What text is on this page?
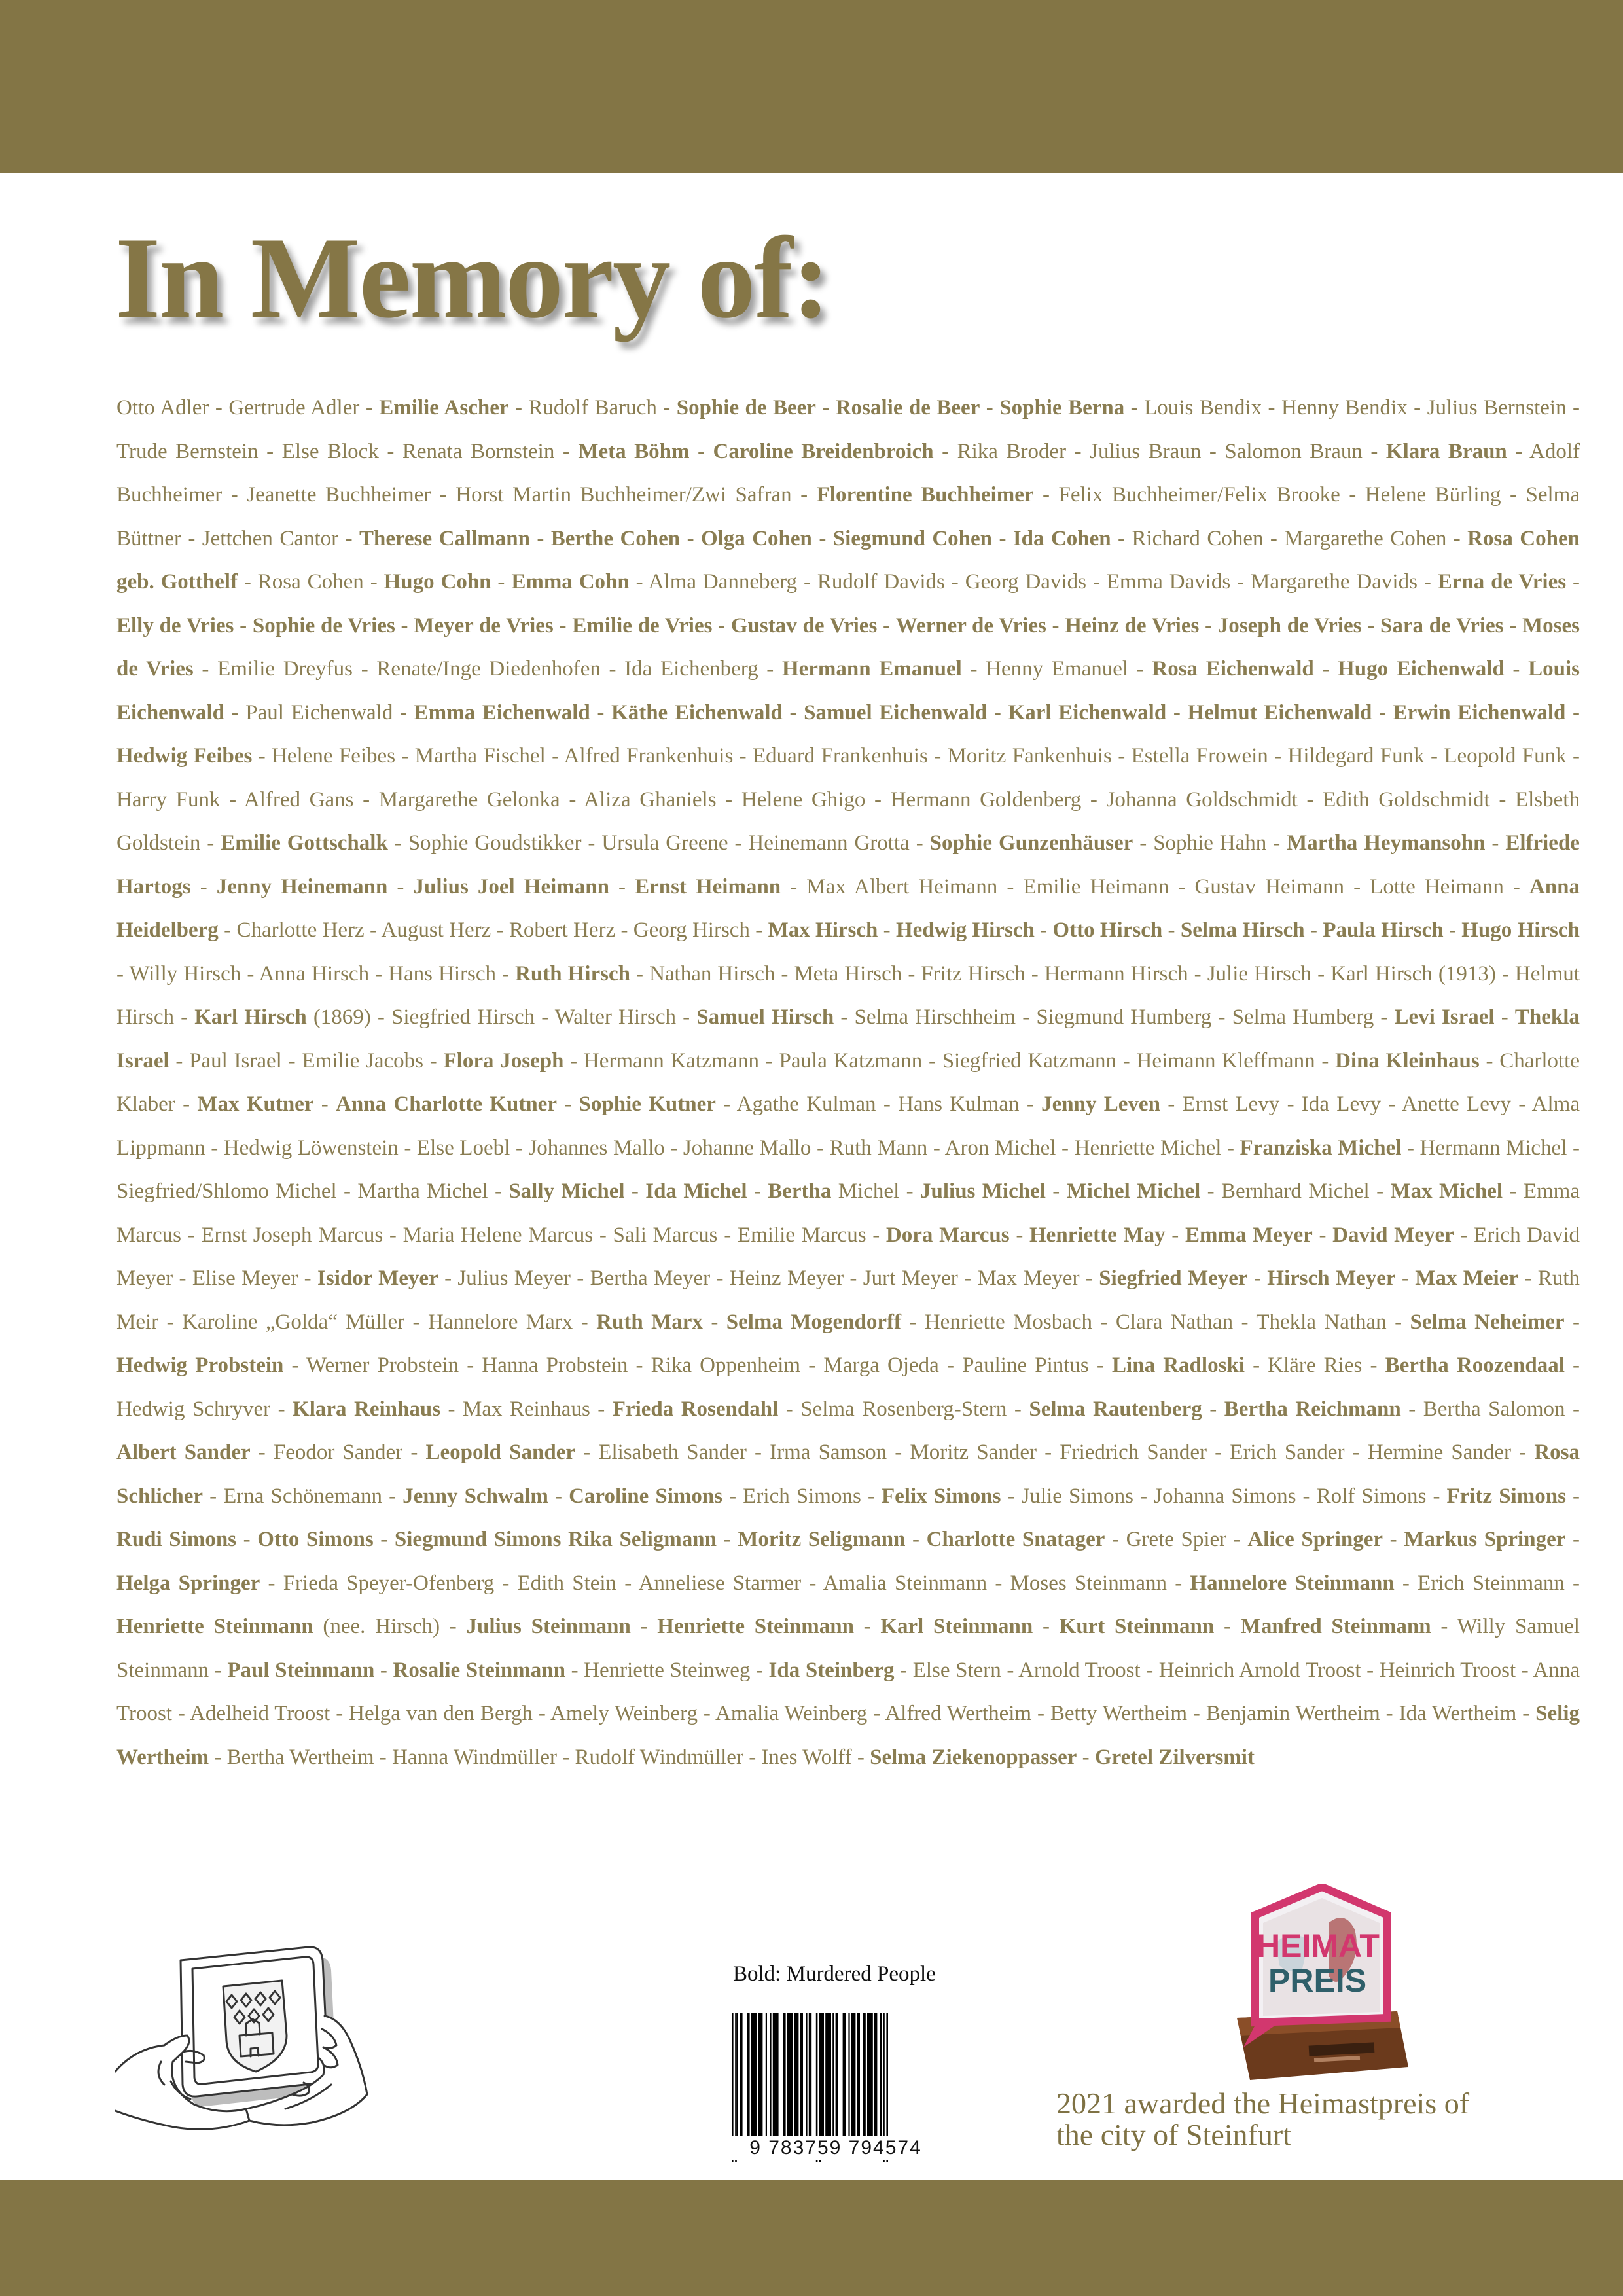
In Memory of:

Otto Adler - Gertrude Adler - Emilie Ascher - Rudolf Baruch - Sophie de Beer - Rosalie de Beer - Sophie Berna - Louis Bendix - Henny Bendix - Julius Bernstein - Trude Bernstein - Else Block - Renata Bornstein - Meta Böhm - Caroline Breidenbroich - Rika Broder - Julius Braun - Salomon Braun - Klara Braun - Adolf Buchheimer - Jeanette Buchheimer - Horst Martin Buchheimer/Zwi Safran - Florentine Buchheimer - Felix Buchheimer/Felix Brooke - Helene Bürling - Selma Büttner - Jettchen Cantor - Therese Callmann - Berthe Cohen - Olga Cohen - Siegmund Cohen - Ida Cohen - Richard Cohen - Margarethe Cohen - Rosa Cohen geb. Gotthelf - Rosa Cohen - Hugo Cohn - Emma Cohn - Alma Danneberg - Rudolf Davids - Georg Davids - Emma Davids - Margarethe Davids - Erna de Vries - Elly de Vries - Sophie de Vries - Meyer de Vries - Emilie de Vries - Gustav de Vries - Werner de Vries - Heinz de Vries - Joseph de Vries - Sara de Vries - Moses de Vries - Emilie Dreyfus - Renate/Inge Diedenhofen - Ida Eichenberg - Hermann Emanuel - Henny Emanuel - Rosa Eichenwald - Hugo Eichenwald - Louis Eichenwald - Paul Eichenwald - Emma Eichenwald - Käthe Eichenwald - Samuel Eichenwald - Karl Eichenwald - Helmut Eichenwald - Erwin Eichenwald - Hedwig Feibes - Helene Feibes - Martha Fischel - Alfred Frankenhuis - Eduard Frankenhuis - Moritz Fankenhuis - Estella Frowein - Hildegard Funk - Leopold Funk - Harry Funk - Alfred Gans - Margarethe Gelonka - Aliza Ghaniels - Helene Ghigo - Hermann Goldenberg - Johanna Goldschmidt - Edith Goldschmidt - Elsbeth Goldstein - Emilie Gottschalk - Sophie Goudstikker - Ursula Greene - Heinemann Grotta - Sophie Gunzenhäuser - Sophie Hahn - Martha Heymansohn - Elfriede Hartogs - Jenny Heinemann - Julius Joel Heimann - Ernst Heimann - Max Albert Heimann - Emilie Heimann - Gustav Heimann - Lotte Heimann - Anna Heidelberg - Charlotte Herz - August Herz - Robert Herz - Georg Hirsch - Max Hirsch - Hedwig Hirsch - Otto Hirsch - Selma Hirsch - Paula Hirsch - Hugo Hirsch - Willy Hirsch - Anna Hirsch - Hans Hirsch - Ruth Hirsch - Nathan Hirsch - Meta Hirsch - Fritz Hirsch - Hermann Hirsch - Julie Hirsch - Karl Hirsch (1913) - Helmut Hirsch - Karl Hirsch (1869) - Siegfried Hirsch - Walter Hirsch - Samuel Hirsch - Selma Hirschheim - Siegmund Humberg - Selma Humberg - Levi Israel - Thekla Israel - Paul Israel - Emilie Jacobs - Flora Joseph - Hermann Katzmann - Paula Katzmann - Siegfried Katzmann - Heimann Kleffmann - Dina Kleinhaus - Charlotte Klaber - Max Kutner - Anna Charlotte Kutner - Sophie Kutner - Agathe Kulman - Hans Kulman - Jenny Leven - Ernst Levy - Ida Levy - Anette Levy - Alma Lippmann - Hedwig Löwenstein - Else Loebl - Johannes Mallo - Johanne Mallo - Ruth Mann - Aron Michel - Henriette Michel - Franziska Michel - Hermann Michel - Siegfried/Shlomo Michel - Martha Michel - Sally Michel - Ida Michel - Bertha Michel - Julius Michel - Michel Michel - Bernhard Michel - Max Michel - Emma Marcus - Ernst Joseph Marcus - Maria Helene Marcus - Sali Marcus - Emilie Marcus - Dora Marcus - Henriette May - Emma Meyer - David Meyer - Erich David Meyer - Elise Meyer - Isidor Meyer - Julius Meyer - Bertha Meyer - Heinz Meyer - Jurt Meyer - Max Meyer - Siegfried Meyer - Hirsch Meyer - Max Meier - Ruth Meir - Karoline „Golda“ Müller - Hannelore Marx - Ruth Marx - Selma Mogendorff - Henriette Mosbach - Clara Nathan - Thekla Nathan - Selma Neheimer - Hedwig Probstein - Werner Probstein - Hanna Probstein - Rika Oppenheim - Marga Ojeda - Pauline Pintus - Lina Radloski - Kläre Ries - Bertha Roozendaal - Hedwig Schryver - Klara Reinhaus - Max Reinhaus - Frieda Rosendahl - Selma Rosenberg-Stern - Selma Rautenberg - Bertha Reichmann - Bertha Salomon - Albert Sander - Feodor Sander - Leopold Sander - Elisabeth Sander - Irma Samson - Moritz Sander - Friedrich Sander - Erich Sander - Hermine Sander - Rosa Schlicher - Erna Schönemann - Jenny Schwalm - Caroline Simons - Erich Simons - Felix Simons - Julie Simons - Johanna Simons - Rolf Simons - Fritz Simons - Rudi Simons - Otto Simons - Siegmund Simons Rika Seligmann - Moritz Seligmann - Charlotte Snatager - Grete Spier - Alice Springer - Markus Springer - Helga Springer - Frieda Speyer-Ofenberg - Edith Stein - Anneliese Starmer - Amalia Steinmann - Moses Steinmann - Hannelore Steinmann - Erich Steinmann - Henriette Steinmann (nee. Hirsch) - Julius Steinmann - Henriette Steinmann - Karl Steinmann - Kurt Steinmann - Manfred Steinmann - Willy Samuel Steinmann - Paul Steinmann - Rosalie Steinmann - Henriette Steinweg - Ida Steinberg - Else Stern - Arnold Troost - Heinrich Arnold Troost - Heinrich Troost - Anna Troost - Adelheid Troost - Helga van den Bergh - Amely Weinberg - Amalia Weinberg - Alfred Wertheim - Betty Wertheim - Benjamin Wertheim - Ida Wertheim - Selig Wertheim - Bertha Wertheim - Hanna Windmüller - Rudolf Windmüller - Ines Wolff - Selma Ziekenoppasser - Gretel Zilversmit

Bold: Murdered People
9 783759 794574
HEIMAT
PREIS

2021 awarded the Heimastpreis of
the city of Steinfurt
